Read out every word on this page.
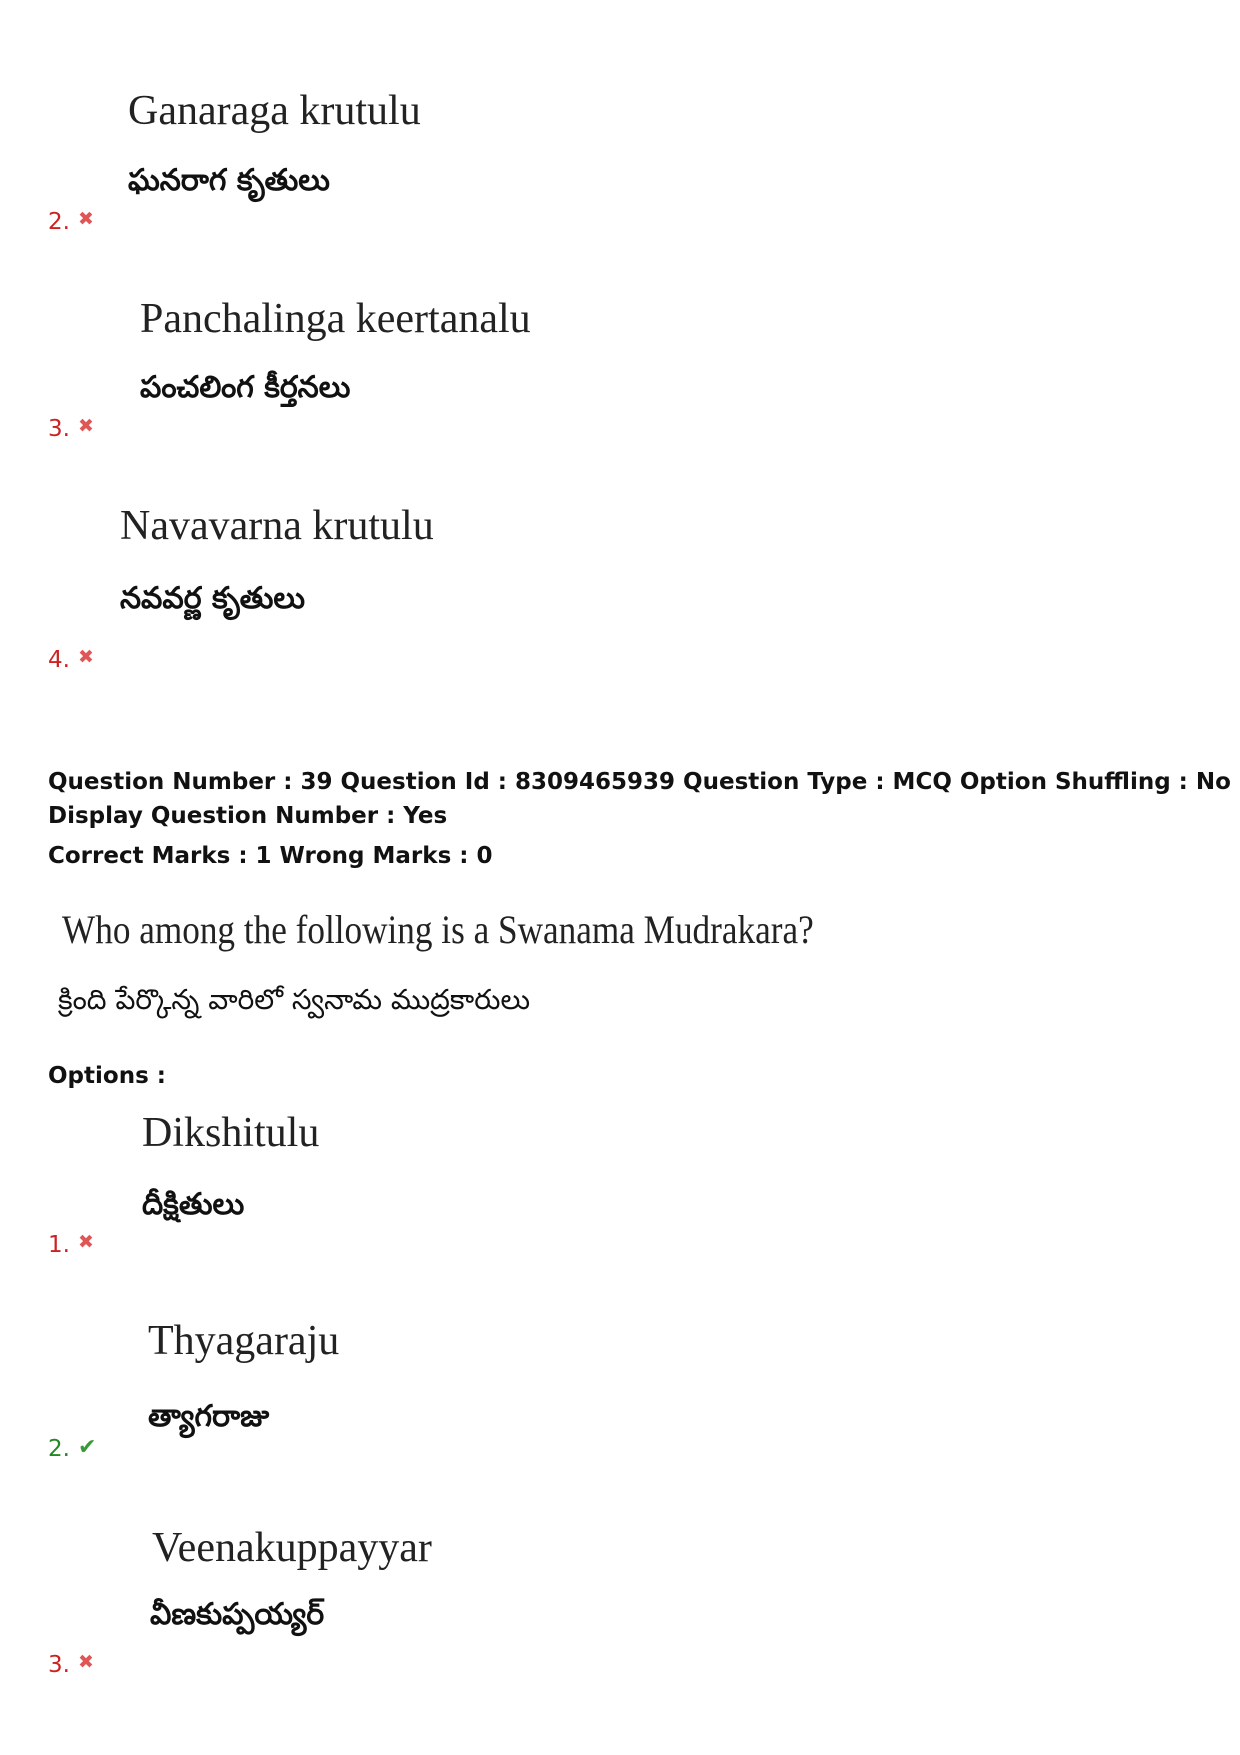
Ganaraga krutulu
ఘనరాగ కృతులు
2. ✖
Panchalinga keertanalu
పంచలింగ కీర్తనలు
3. ✖
Navavarna krutulu
నవవర్ణ కృతులు
4. ✖
Question Number : 39 Question Id : 8309465939 Question Type : MCQ Option Shuffling : No
Display Question Number : Yes
Correct Marks : 1 Wrong Marks : 0
Who among the following is a Swanama Mudrakara?
క్రింది పేర్కొన్న వారిలో స్వనామ ముద్రకారులు
Options :
Dikshitulu
దీక్షితులు
1. ✖
Thyagaraju
త్యాగరాజు
2. ✔
Veenakuppayyar
వీణకుప్పయ్యర్
3. ✖
